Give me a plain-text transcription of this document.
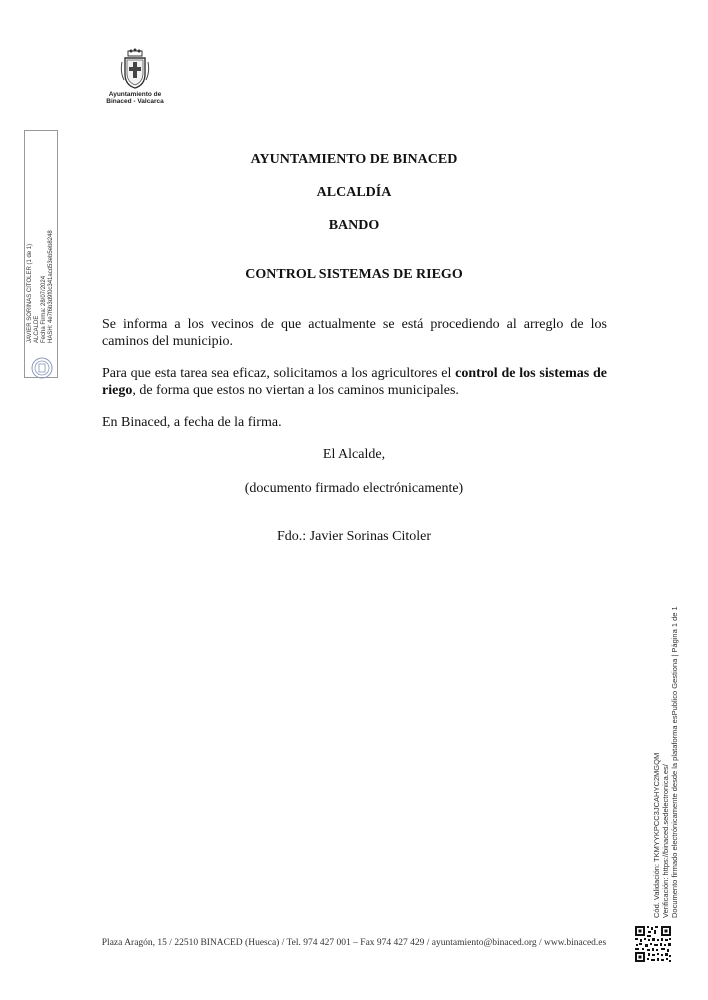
Ayuntamiento de
Binaced - Valcarca
JAVIER SORINAS CITOLER (1 de 1) ALCALDE Fecha Firma: 28/07/2024 HASH: 4e7f6b3d9f0c341acd53eb5eb8248

AYUNTAMIENTO DE BINACED

ALCALDÍA

BANDO

CONTROL SISTEMAS DE RIEGO

Se informa a los vecinos de que actualmente se está procediendo al arreglo de los caminos del municipio.

Para que esta tarea sea eficaz, solicitamos a los agricultores el control de los sistemas de riego, de forma que estos no viertan a los caminos municipales.

En Binaced, a fecha de la firma.

El Alcalde,

(documento firmado electrónicamente)

Fdo.: Javier Sorinas Citoler

Cód. Validación: TKMYYKPCC3JCAHYC2MGQM Verificación: https://binaced.sedelectronica.es/ Documento firmado electrónicamente desde la plataforma esPublico Gestiona | Página 1 de 1

Plaza Aragón, 15 / 22510 BINACED (Huesca) / Tel. 974 427 001 – Fax 974 427 429 / ayuntamiento@binaced.org / www.binaced.es
